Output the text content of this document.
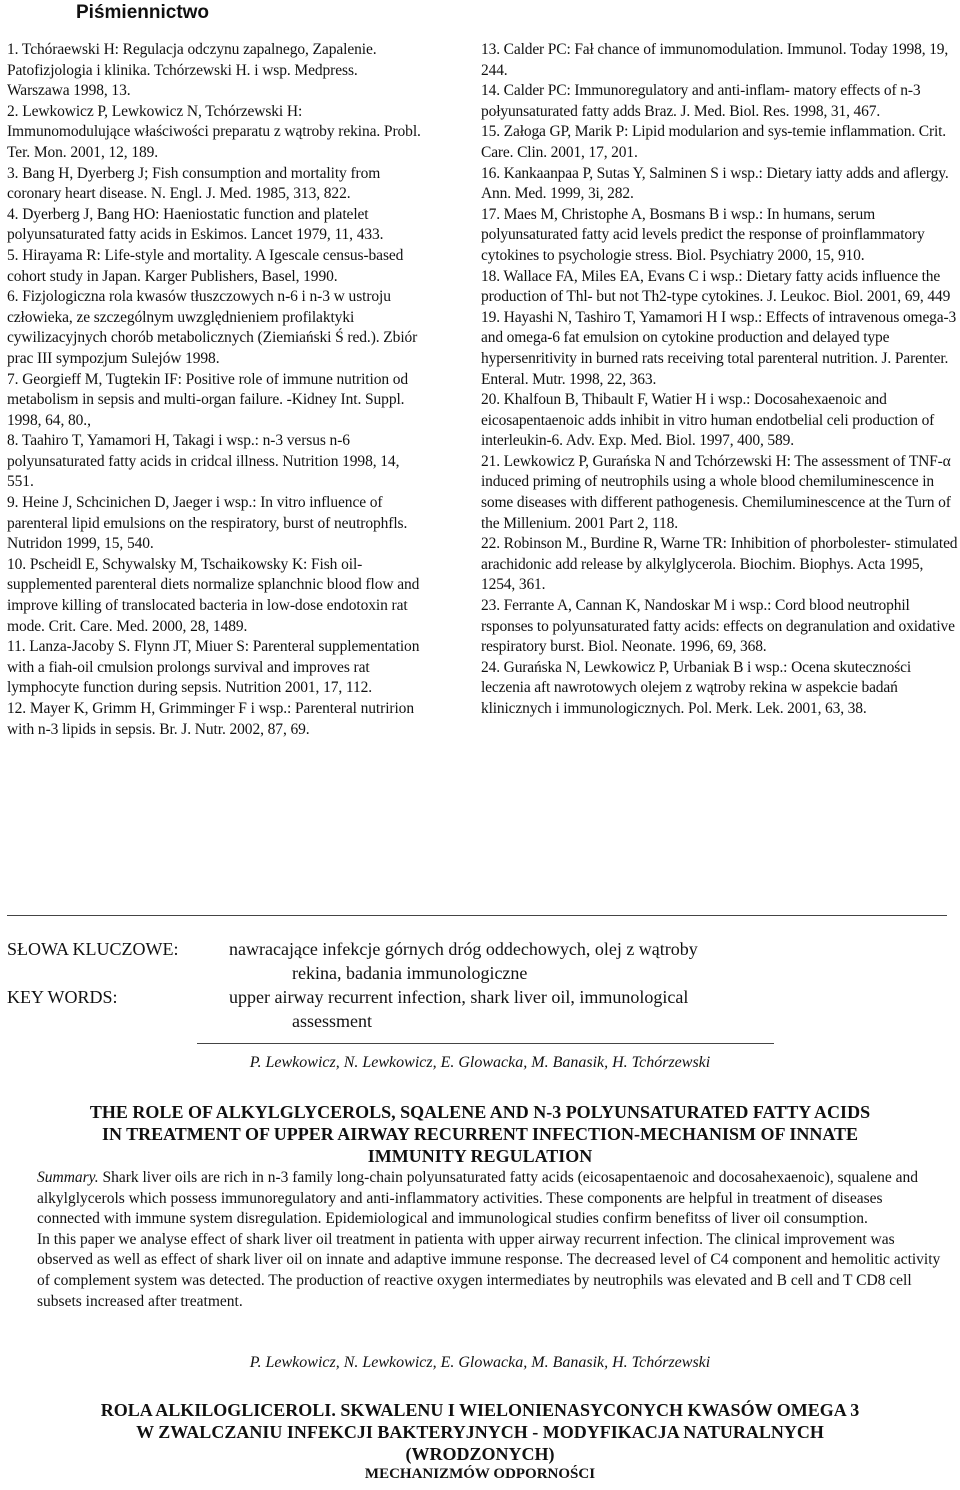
Piśmiennictwo

1. Tchóraewski H: Regulacja odczynu zapalnego, Zapalenie. Patofizjologia i klinika. Tchórzewski H. i wsp. Medpress. Warszawa 1998, 13.

2. Lewkowicz P, Lewkowicz N, Tchórzewski H: Immunomodulujące właściwości preparatu z wątroby rekina. Probl. Ter. Mon. 2001, 12, 189.

3. Bang H, Dyerberg J; Fish consumption and mortality from coronary heart disease. N. Engl. J. Med. 1985, 313, 822.

4. Dyerberg J, Bang HO: Haeniostatic function and platelet polyunsaturated fatty acids in Eskimos. Lancet 1979, 11, 433.

5. Hirayama R: Life-style and mortality. A Igescale census-based cohort study in Japan. Karger Publishers, Basel, 1990.

6. Fizjologiczna rola kwasów tłuszczowych n-6 i n-3 w ustroju człowieka, ze szczególnym uwzględnieniem profilaktyki cywilizacyjnych chorób metabolicznych (Ziemiański Ś red.). Zbiór prac III sympozjum Sulejów 1998.

7. Georgieff M, Tugtekin IF: Positive role of immune nutrition od metabolism in sepsis and multi-organ failure. -Kidney Int. Suppl. 1998, 64, 80.,

8. Taahiro T, Yamamori H, Takagi i wsp.: n-3 versus n-6 polyunsaturated fatty acids in cridcal illness. Nutrition 1998, 14, 551.

9. Heine J, Schcinichen D, Jaeger i wsp.: In vitro influence of parenteral lipid emulsions on the respiratory, burst of neutrophfls. Nutridon 1999, 15, 540.

10. Pscheidl E, Schywalsky M, Tschaikowsky K: Fish oil-supplemented parenteral diets normalize splanchnic blood flow and improve killing of translocated bacteria in low-dose endotoxin rat mode. Crit. Care. Med. 2000, 28, 1489.

11. Lanza-Jacoby S. Flynn JT, Miuer S: Parenteral supplementation with a fiah-oil cmulsion prolongs survival and improves rat lymphocyte function during sepsis. Nutrition 2001, 17, 112.

12. Mayer K, Grimm H, Grimminger F i wsp.: Parenteral nutririon with n-3 lipids in sepsis. Br. J. Nutr. 2002, 87, 69.

13. Calder PC: Fał chance of immunomodulation. Immunol. Today 1998, 19, 244.

14. Calder PC: Immunoregulatory and anti-inflam- matory effects of n-3 połyunsaturated fatty adds Braz. J. Med. Biol. Res. 1998, 31, 467.

15. Załoga GP, Marik P: Lipid modularion and sys-temie inflammation. Crit. Care. Clin. 2001, 17, 201.

16. Kankaanpaa P, Sutas Y, Salminen S i wsp.: Dietary iatty adds and aflergy. Ann. Med. 1999, 3i, 282.

17. Maes M, Christophe A, Bosmans B i wsp.: In humans, serum polyunsaturated fatty acid levels predict the response of proinflammatory cytokines to psychologie stress. Biol. Psychiatry 2000, 15, 910.

18. Wallace FA, Miles EA, Evans C i wsp.: Dietary fatty acids influence the production of Thl- but not Th2-type cytokines. J. Leukoc. Biol. 2001, 69, 449

19. Hayashi N, Tashiro T, Yamamori H I wsp.: Effects of intravenous omega-3 and omega-6 fat emulsion on cytokine production and delayed type hypersenritivity in burned rats receiving total parenteral nutrition. J. Parenter. Enteral. Mutr. 1998, 22, 363.

20. Khalfoun B, Thibault F, Watier H i wsp.: Docosahexaenoic and eicosapentaenoic adds inhibit in vitro human endotbelial celi production of interleukin-6. Adv. Exp. Med. Biol. 1997, 400, 589.

21. Lewkowicz P, Gurańska N and Tchórzewski H: The assessment of TNF-α induced priming of neutrophils using a whole blood chemiluminescence in some diseases with different pathogenesis. Chemiluminescence at the Turn of the Millenium. 2001 Part 2, 118.

22. Robinson M., Burdine R, Warne TR: Inhibition of phorbolester- stimulated arachidonic add release by alkylglycerola. Biochim. Biophys. Acta 1995, 1254, 361.

23. Ferrante A, Cannan K, Nandoskar M i wsp.: Cord blood neutrophil rsponses to polyunsaturated fatty acids: effects on degranulation and oxidative respiratory burst. Biol. Neonate. 1996, 69, 368.

24. Gurańska N, Lewkowicz P, Urbaniak B i wsp.: Ocena skuteczności leczenia aft nawrotowych olejem z wątroby rekina w aspekcie badań klinicznych i immunologicznych. Pol. Merk. Lek. 2001, 63, 38.

SŁOWA KLUCZOWE:	nawracające infekcje górnych dróg oddechowych, olej z wątroby
rekina, badania immunologiczne
KEY WORDS:	upper airway recurrent infection, shark liver oil, immunological
assessment
P. Lewkowicz, N. Lewkowicz, E. Glowacka, M. Banasik, H. Tchórzewski
THE ROLE OF ALKYLGLYCEROLS, SQALENE AND N-3 POLYUNSATURATED FATTY ACIDS
IN TREATMENT OF UPPER AIRWAY RECURRENT INFECTION-MECHANISM OF INNATE
IMMUNITY REGULATION

Summary. Shark liver oils are rich in n-3 family long-chain polyunsaturated fatty acids (eicosapentaenoic and docosahexaenoic), squalene and alkylglycerols which possess immunoregulatory and anti-inflammatory activities. These components are helpful in treatment of diseases connected with immune system disregulation. Epidemiological and immunological studies confirm benefitss of liver oil consumption.

In this paper we analyse effect of shark liver oil treatment in patienta with upper airway recurrent infection. The clinical improvement was observed as well as effect of shark liver oil on innate and adaptive immune response. The decreased level of C4 component and hemolitic activity of complement system was detected. The production of reactive oxygen intermediates by neutrophils was elevated and B cell and T CD8 cell subsets increased after treatment.

P. Lewkowicz, N. Lewkowicz, E. Glowacka, M. Banasik, H. Tchórzewski
ROLA ALKILOGLICEROLI. SKWALENU I WIELONIENASYCONYCH KWASÓW OMEGA 3
W ZWALCZANIU INFEKCJI BAKTERYJNYCH - MODYFIKACJA NATURALNYCH
(WRODZONYCH)
MECHANIZMÓW ODPORNOŚCI
